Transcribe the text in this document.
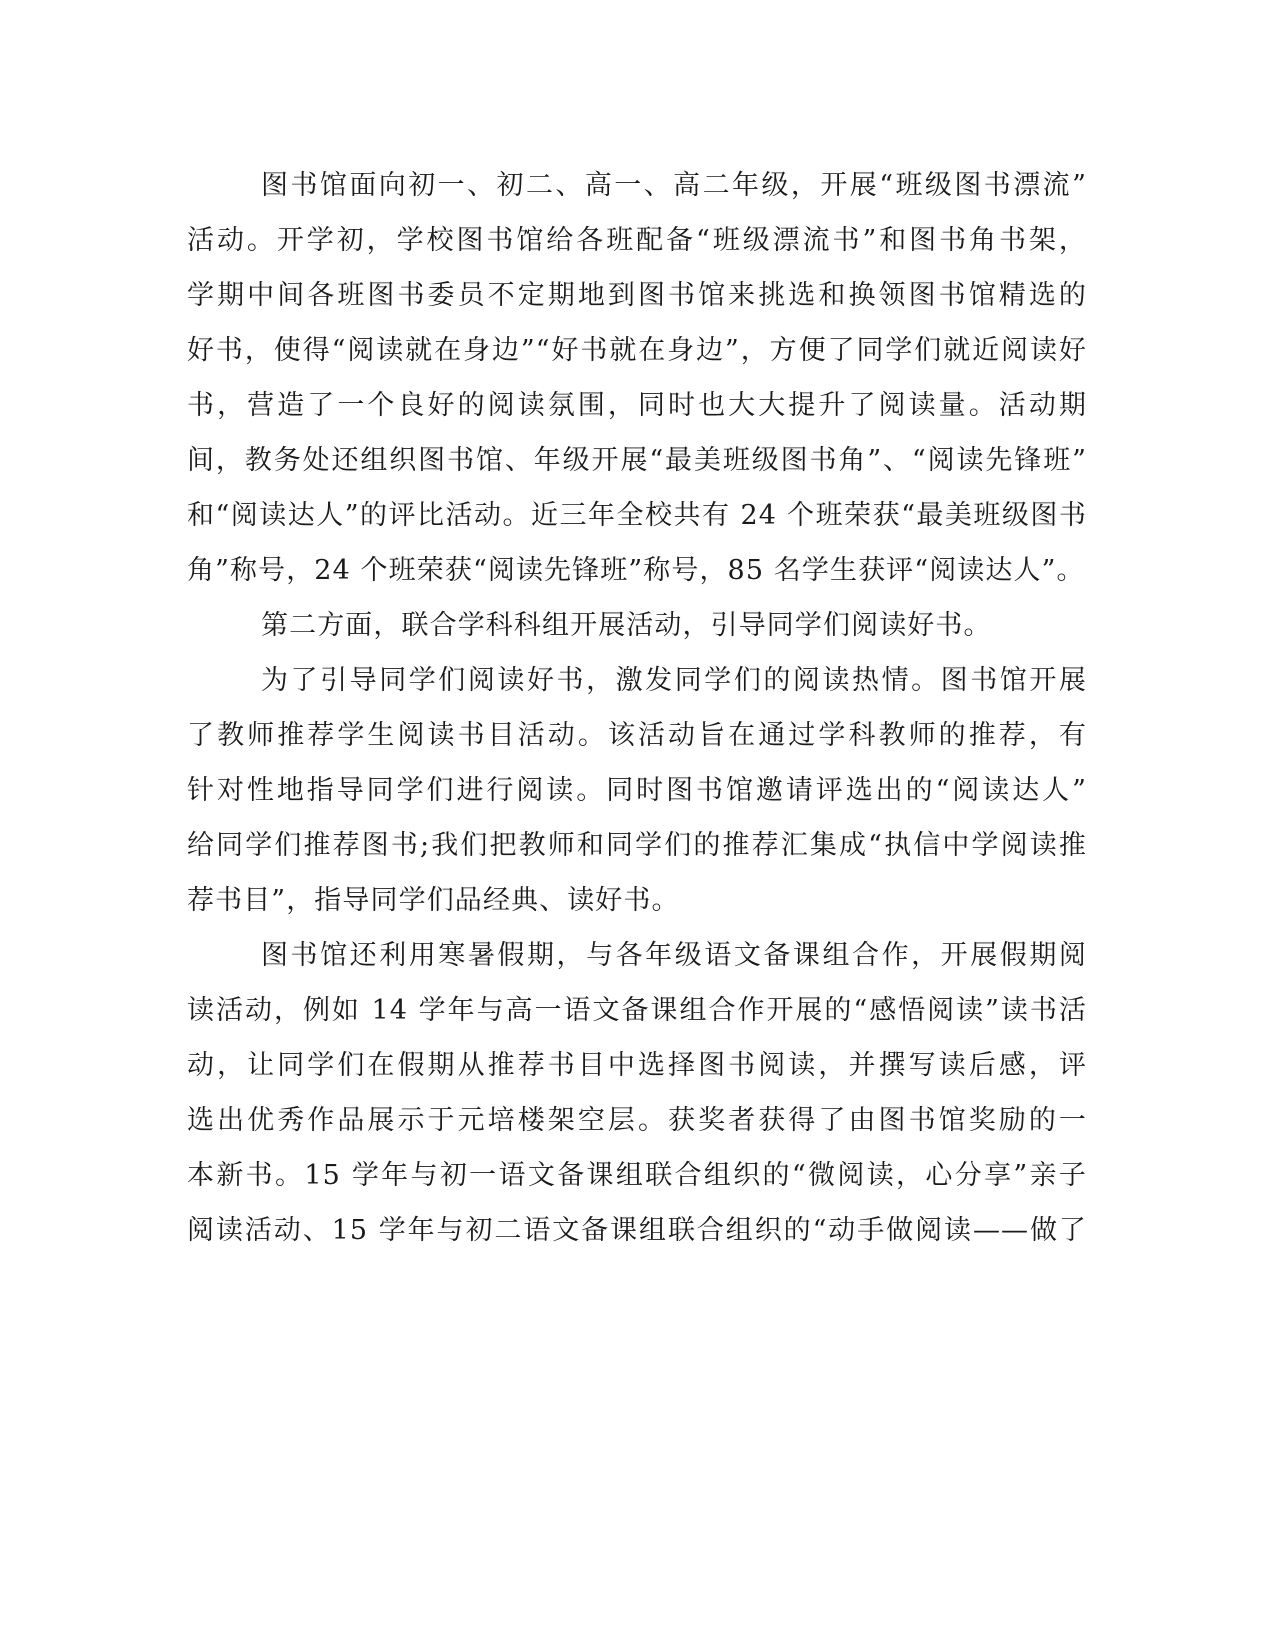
图书馆面向初一、初二、高一、高二年级，开展“班级图书漂流”
活动。开学初，学校图书馆给各班配备“班级漂流书”和图书角书架，
学期中间各班图书委员不定期地到图书馆来挑选和换领图书馆精选的
好书，使得“阅读就在身边”“好书就在身边”，方便了同学们就近阅读好
书，营造了一个良好的阅读氛围，同时也大大提升了阅读量。活动期
间，教务处还组织图书馆、年级开展“最美班级图书角”、“阅读先锋班”
和“阅读达人”的评比活动。近三年全校共有 24 个班荣获“最美班级图书
角”称号，24 个班荣获“阅读先锋班”称号，85 名学生获评“阅读达人”。
第二方面，联合学科科组开展活动，引导同学们阅读好书。
为了引导同学们阅读好书，激发同学们的阅读热情。图书馆开展
了教师推荐学生阅读书目活动。该活动旨在通过学科教师的推荐，有
针对性地指导同学们进行阅读。同时图书馆邀请评选出的“阅读达人”
给同学们推荐图书;我们把教师和同学们的推荐汇集成“执信中学阅读推
荐书目”，指导同学们品经典、读好书。
图书馆还利用寒暑假期，与各年级语文备课组合作，开展假期阅
读活动，例如 14 学年与高一语文备课组合作开展的“感悟阅读”读书活
动，让同学们在假期从推荐书目中选择图书阅读，并撰写读后感，评
选出优秀作品展示于元培楼架空层。获奖者获得了由图书馆奖励的一
本新书。15 学年与初一语文备课组联合组织的“微阅读，心分享”亲子
阅读活动、15 学年与初二语文备课组联合组织的“动手做阅读——做了
